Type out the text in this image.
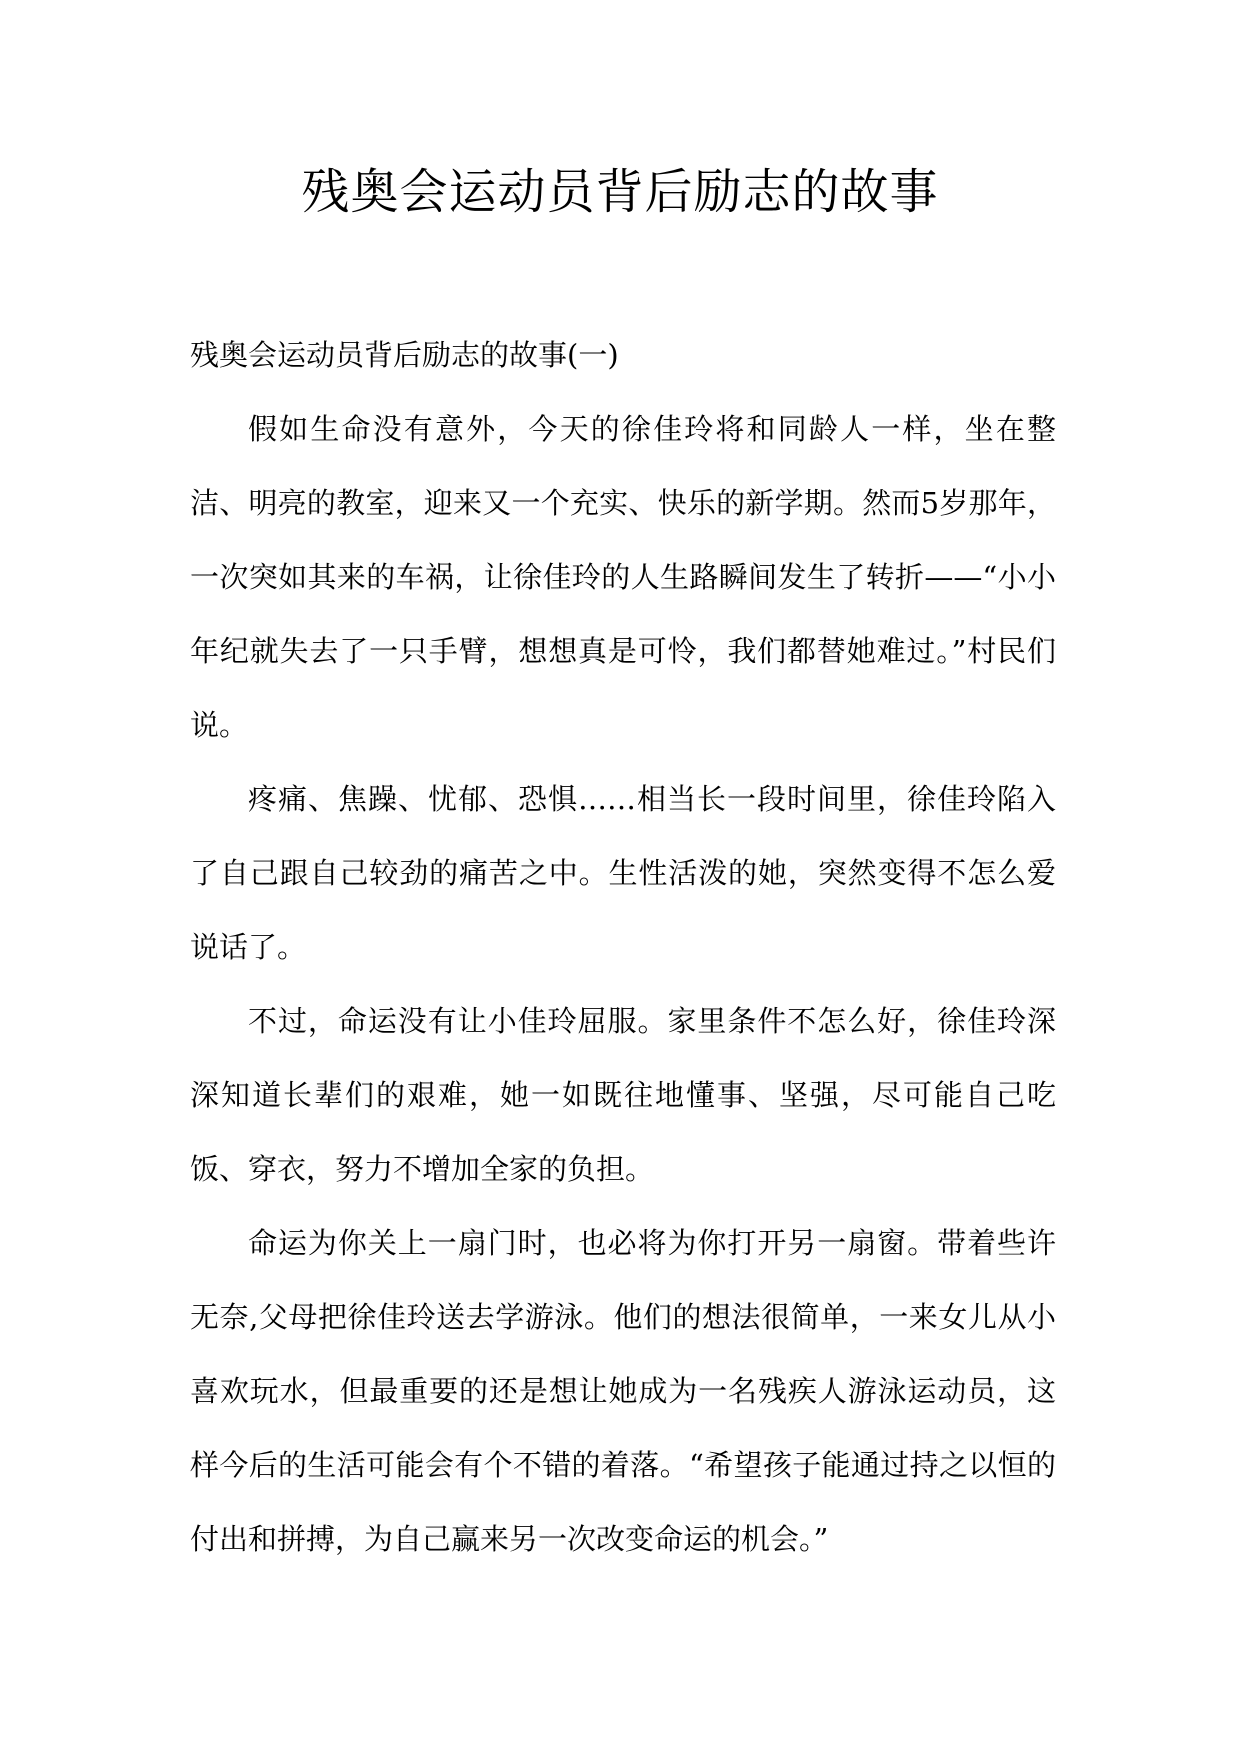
残奥会运动员背后励志的故事

残奥会运动员背后励志的故事(一)

假如生命没有意外，今天的徐佳玲将和同龄人一样，坐在整洁、明亮的教室，迎来又一个充实、快乐的新学期。然而5岁那年，一次突如其来的车祸，让徐佳玲的人生路瞬间发生了转折——“小小年纪就失去了一只手臂，想想真是可怜，我们都替她难过。”村民们说。

疼痛、焦躁、忧郁、恐惧……相当长一段时间里，徐佳玲陷入了自己跟自己较劲的痛苦之中。生性活泼的她，突然变得不怎么爱说话了。

不过，命运没有让小佳玲屈服。家里条件不怎么好，徐佳玲深深知道长辈们的艰难，她一如既往地懂事、坚强，尽可能自己吃饭、穿衣，努力不增加全家的负担。

命运为你关上一扇门时，也必将为你打开另一扇窗。带着些许无奈,父母把徐佳玲送去学游泳。他们的想法很简单，一来女儿从小喜欢玩水，但最重要的还是想让她成为一名残疾人游泳运动员，这样今后的生活可能会有个不错的着落。“希望孩子能通过持之以恒的付出和拼搏，为自己赢来另一次改变命运的机会。”
